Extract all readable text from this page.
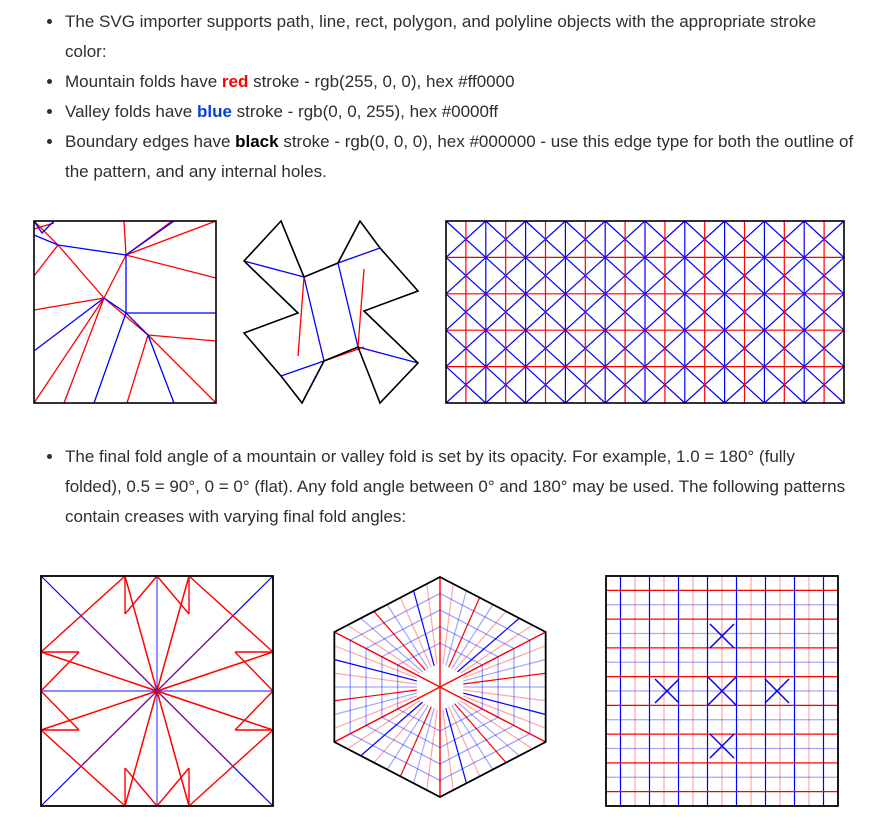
• The SVG importer supports path, line, rect, polygon, and polyline objects with the appropriate stroke color:
• Mountain folds have red stroke - rgb(255, 0, 0), hex #ff0000
• Valley folds have blue stroke - rgb(0, 0, 255), hex #0000ff
• Boundary edges have black stroke - rgb(0, 0, 0), hex #000000 - use this edge type for both the outline of the pattern, and any internal holes.
• The final fold angle of a mountain or valley fold is set by its opacity. For example, 1.0 = 180° (fully folded), 0.5 = 90°, 0 = 0° (flat). Any fold angle between 0° and 180° may be used. The following patterns contain creases with varying final fold angles:
